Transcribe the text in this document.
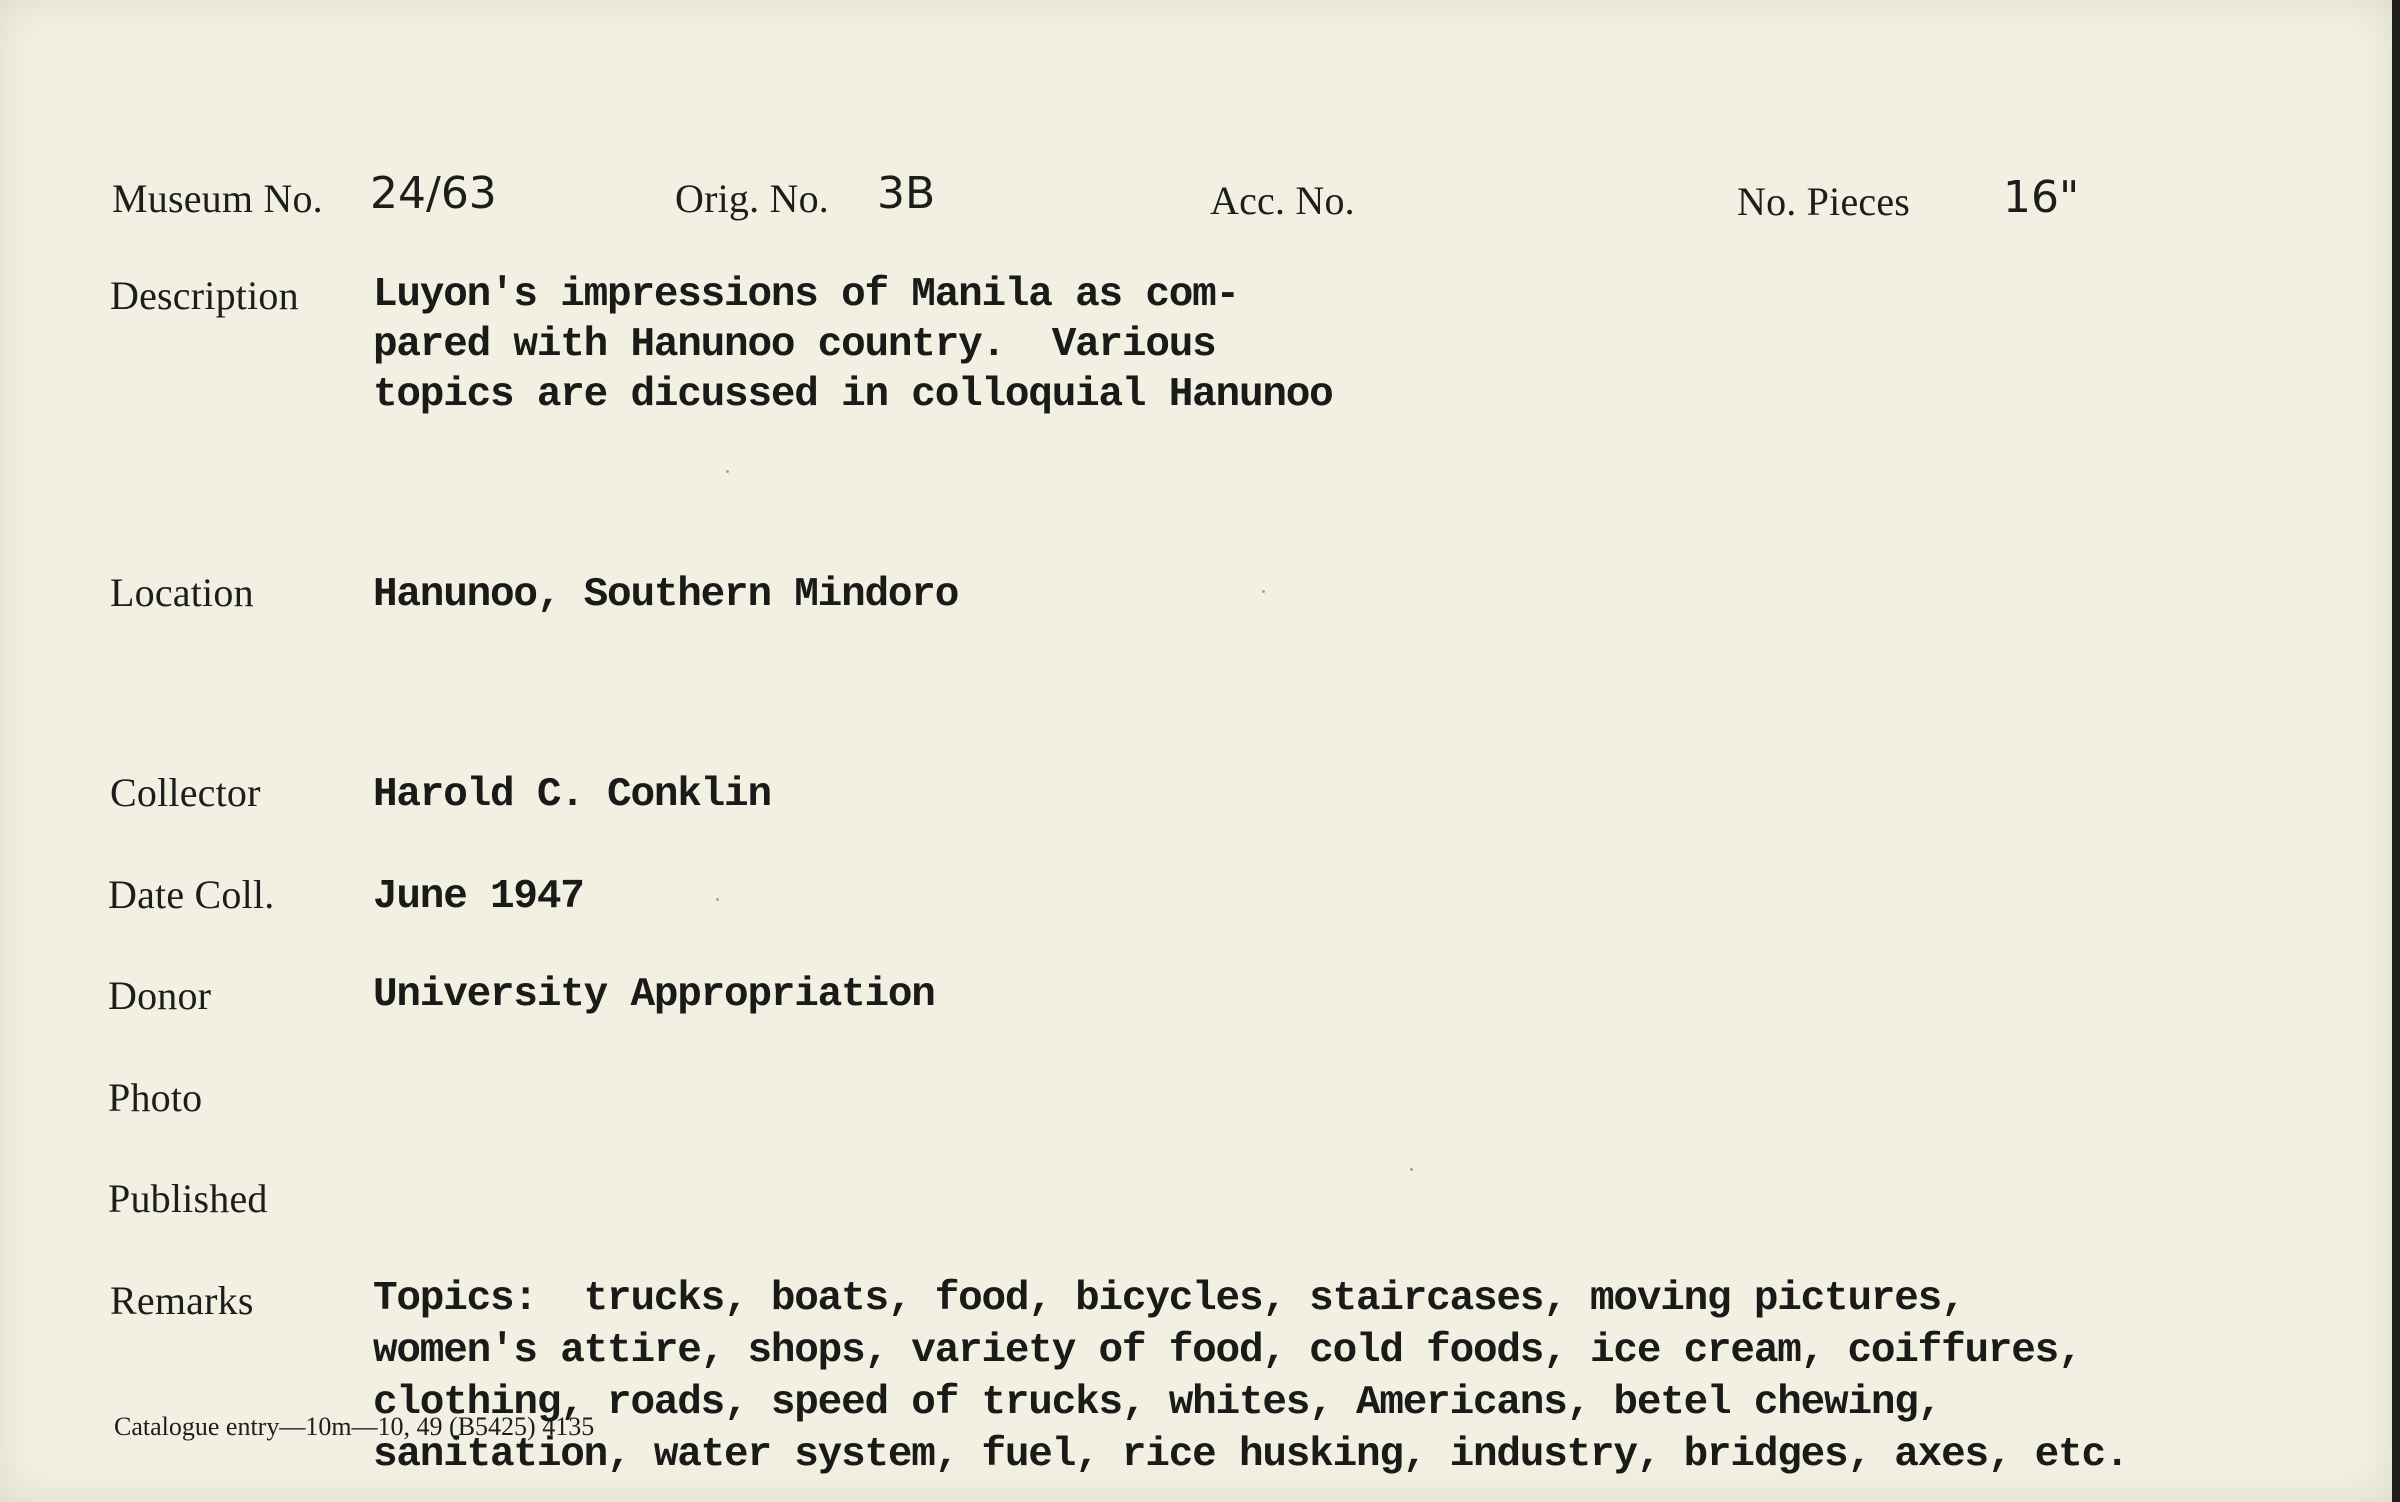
Museum No. 24/63	Orig. No. 3B	Acc. No.	No. Pieces 16"
Description Luyon's impressions of Manila as com-
pared with Hanunoo country.  Various
topics are dicussed in colloquial Hanunoo
Location	Hanunoo, Southern Mindoro
Collector	Harold C. Conklin
Date Coll. June 1947
Donor	University Appropriation
Photo
Published
Remarks	Topics:  trucks, boats, food, bicycles, staircases, moving pictures,
women's attire, shops, variety of food, cold foods, ice cream, coiffures,
clothing, roads, speed of trucks, whites, Americans, betel chewing,
sanitation, water system, fuel, rice husking, industry, bridges, axes, etc.
Catalogue entry—10m—10, 49 (B5425) 4135
